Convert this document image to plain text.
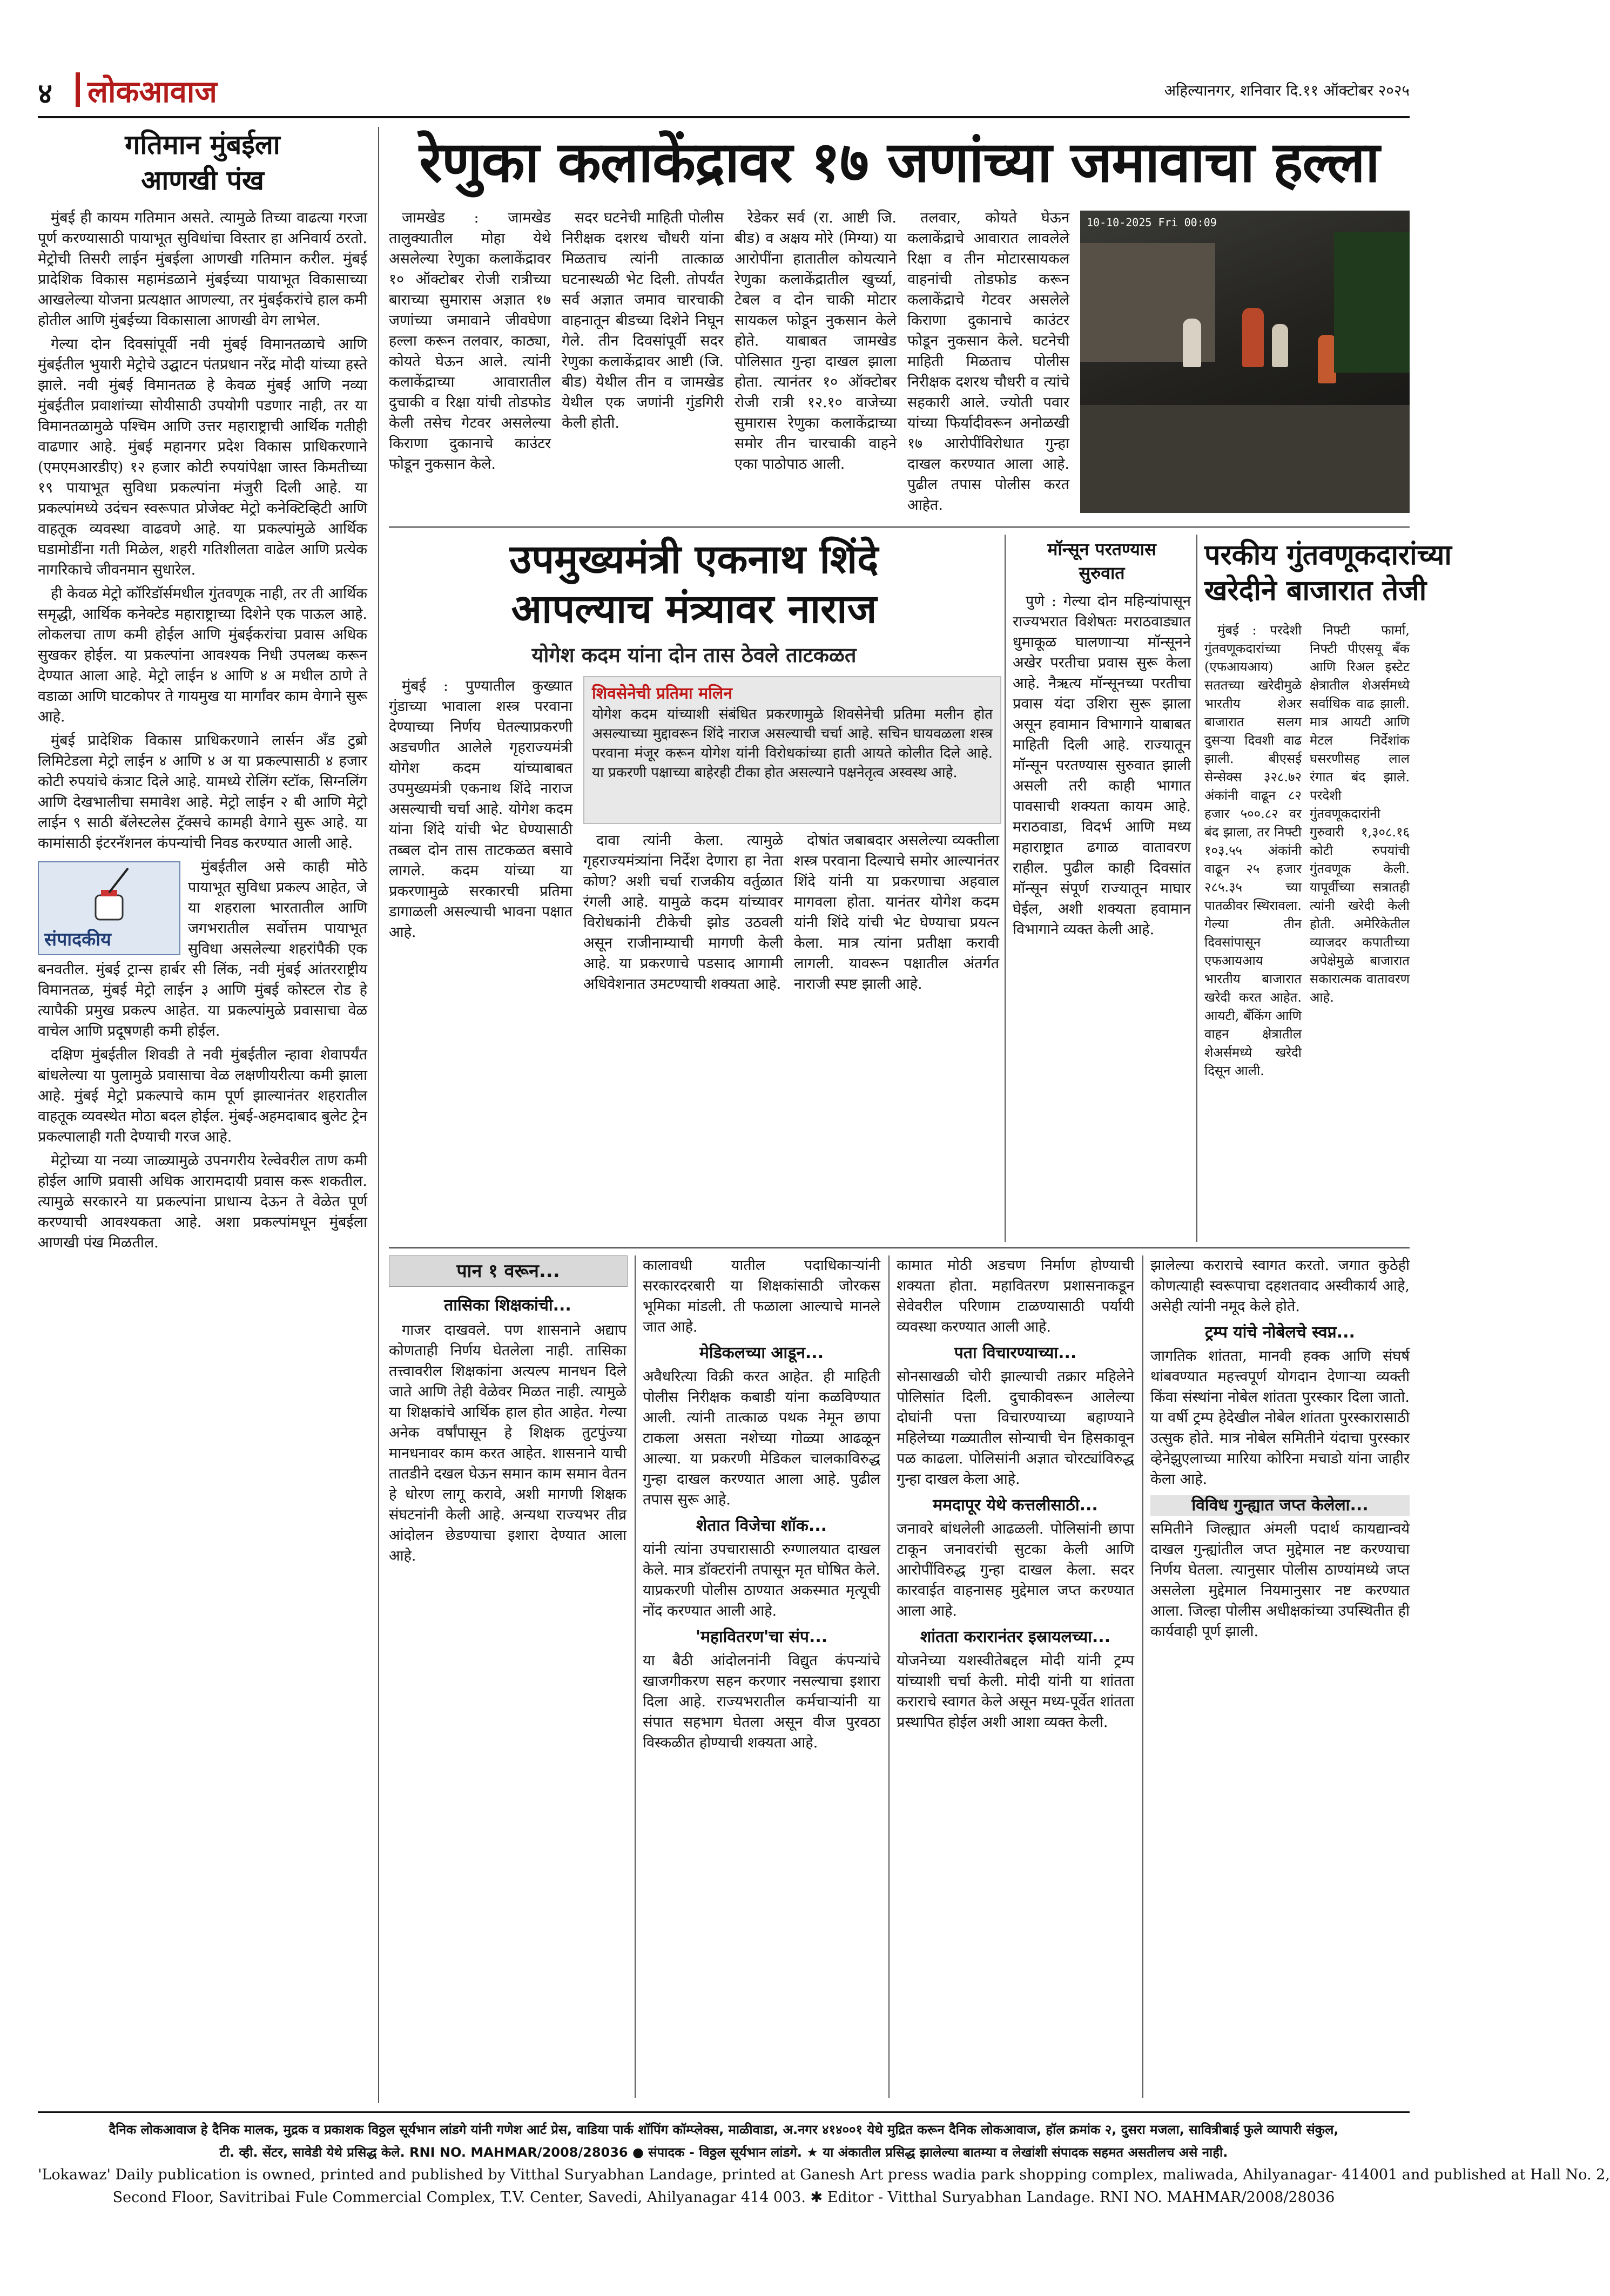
४ लोकआवाज	अहिल्यानगर, शनिवार दि.११ ऑक्टोबर २०२५
गतिमान मुंबईला
आणखी पंख

मुंबई ही कायम गतिमान असते. त्यामुळे तिच्या वाढत्या गरजा पूर्ण करण्यासाठी पायाभूत सुविधांचा विस्तार हा अनिवार्य ठरतो. मेट्रोची तिसरी लाईन मुंबईला आणखी गतिमान करील. मुंबई प्रादेशिक विकास महामंडळाने मुंबईच्या पायाभूत विकासाच्या आखलेल्या योजना प्रत्यक्षात आणल्या, तर मुंबईकरांचे हाल कमी होतील आणि मुंबईच्या विकासाला आणखी वेग लाभेल.

गेल्या दोन दिवसांपूर्वी नवी मुंबई विमानतळाचे आणि मुंबईतील भुयारी मेट्रोचे उद्घाटन पंतप्रधान नरेंद्र मोदी यांच्या हस्ते झाले. नवी मुंबई विमानतळ हे केवळ मुंबई आणि नव्या मुंबईतील प्रवाशांच्या सोयीसाठी उपयोगी पडणार नाही, तर या विमानतळामुळे पश्चिम आणि उत्तर महाराष्ट्राची आर्थिक गतीही वाढणार आहे. मुंबई महानगर प्रदेश विकास प्राधिकरणाने (एमएमआरडीए) १२ हजार कोटी रुपयांपेक्षा जास्त किमतीच्या १९ पायाभूत सुविधा प्रकल्पांना मंजुरी दिली आहे. या प्रकल्पांमध्ये उदंचन स्वरूपात प्रोजेक्ट मेट्रो कनेक्टिव्हिटी आणि वाहतूक व्यवस्था वाढवणे आहे. या प्रकल्पांमुळे आर्थिक घडामोडींना गती मिळेल, शहरी गतिशीलता वाढेल आणि प्रत्येक नागरिकाचे जीवनमान सुधारेल.

ही केवळ मेट्रो कॉरिडॉर्समधील गुंतवणूक नाही, तर ती आर्थिक समृद्धी, आर्थिक कनेक्टेड महाराष्ट्राच्या दिशेने एक पाऊल आहे. लोकलचा ताण कमी होईल आणि मुंबईकरांचा प्रवास अधिक सुखकर होईल. या प्रकल्पांना आवश्यक निधी उपलब्ध करून देण्यात आला आहे. मेट्रो लाईन ४ आणि ४ अ मधील ठाणे ते वडाळा आणि घाटकोपर ते गायमुख या मार्गांवर काम वेगाने सुरू आहे.

मुंबई प्रादेशिक विकास प्राधिकरणाने लार्सन अँड टुब्रो लिमिटेडला मेट्रो लाईन ४ आणि ४ अ या प्रकल्पासाठी ४ हजार कोटी रुपयांचे कंत्राट दिले आहे. यामध्ये रोलिंग स्टॉक, सिग्नलिंग आणि देखभालीचा समावेश आहे. मेट्रो लाईन २ बी आणि मेट्रो लाईन ९ साठी बॅलेस्टलेस ट्रॅक्सचे कामही वेगाने सुरू आहे. या कामांसाठी इंटरनॅशनल कंपन्यांची निवड करण्यात आली आहे.

संपादकीय

मुंबईतील असे काही मोठे पायाभूत सुविधा प्रकल्प आहेत, जे या शहराला भारतातील आणि जगभरातील सर्वोत्तम पायाभूत सुविधा असलेल्या शहरांपैकी एक बनवतील. मुंबई ट्रान्स हार्बर सी लिंक, नवी मुंबई आंतरराष्ट्रीय विमानतळ, मुंबई मेट्रो लाईन ३ आणि मुंबई कोस्टल रोड हे त्यापैकी प्रमुख प्रकल्प आहेत. या प्रकल्पांमुळे प्रवासाचा वेळ वाचेल आणि प्रदूषणही कमी होईल.

दक्षिण मुंबईतील शिवडी ते नवी मुंबईतील न्हावा शेवापर्यंत बांधलेल्या या पुलामुळे प्रवासाचा वेळ लक्षणीयरीत्या कमी झाला आहे. मुंबई मेट्रो प्रकल्पाचे काम पूर्ण झाल्यानंतर शहरातील वाहतूक व्यवस्थेत मोठा बदल होईल. मुंबई-अहमदाबाद बुलेट ट्रेन प्रकल्पालाही गती देण्याची गरज आहे.

मेट्रोच्या या नव्या जाळ्यामुळे उपनगरीय रेल्वेवरील ताण कमी होईल आणि प्रवासी अधिक आरामदायी प्रवास करू शकतील. त्यामुळे सरकारने या प्रकल्पांना प्राधान्य देऊन ते वेळेत पूर्ण करण्याची आवश्यकता आहे. अशा प्रकल्पांमधून मुंबईला आणखी पंख मिळतील.

रेणुका कलाकेंद्रावर १७ जणांच्या जमावाचा हल्ला

जामखेड : जामखेड तालुक्यातील मोहा येथे असलेल्या रेणुका कलाकेंद्रावर १० ऑक्टोबर रोजी रात्रीच्या बाराच्या सुमारास अज्ञात १७ जणांच्या जमावाने जीवघेणा हल्ला करून तलवार, काठ्या, कोयते घेऊन आले. त्यांनी कलाकेंद्राच्या आवारातील दुचाकी व रिक्षा यांची तोडफोड केली तसेच गेटवर असलेल्या किराणा दुकानाचे काउंटर फोडून नुकसान केले.

सदर घटनेची माहिती पोलीस निरीक्षक दशरथ चौधरी यांना मिळताच त्यांनी तात्काळ घटनास्थळी भेट दिली. तोपर्यंत सर्व अज्ञात जमाव चारचाकी वाहनातून बीडच्या दिशेने निघून गेले. तीन दिवसांपूर्वी सदर रेणुका कलाकेंद्रावर आष्टी (जि. बीड) येथील तीन व जामखेड येथील एक जणांनी गुंडगिरी केली होती.

रेडेकर सर्व (रा. आष्टी जि. बीड) व अक्षय मोरे (मिग्या) या आरोपींना हातातील कोयत्याने रेणुका कलाकेंद्रातील खुर्च्या, टेबल व दोन चाकी मोटार सायकल फोडून नुकसान केले होते. याबाबत जामखेड पोलिसात गुन्हा दाखल झाला होता. त्यानंतर १० ऑक्टोबर रोजी रात्री १२.१० वाजेच्या सुमारास रेणुका कलाकेंद्राच्या समोर तीन चारचाकी वाहने एका पाठोपाठ आली.

तलवार, कोयते घेऊन कलाकेंद्राचे आवारात लावलेले रिक्षा व तीन मोटारसायकल वाहनांची तोडफोड करून कलाकेंद्राचे गेटवर असलेले किराणा दुकानाचे काउंटर फोडून नुकसान केले. घटनेची माहिती मिळताच पोलीस निरीक्षक दशरथ चौधरी व त्यांचे सहकारी आले. ज्योती पवार यांच्या फिर्यादीवरून अनोळखी १७ आरोपींविरोधात गुन्हा दाखल करण्यात आला आहे. पुढील तपास पोलीस करत आहेत.

10-10-2025 Fri 00:09
उपमुख्यमंत्री एकनाथ शिंदे
आपल्याच मंत्र्यावर नाराज
योगेश कदम यांना दोन तास ठेवले ताटकळत

मुंबई : पुण्यातील कुख्यात गुंडाच्या भावाला शस्त्र परवाना देण्याच्या निर्णय घेतल्याप्रकरणी अडचणीत आलेले गृहराज्यमंत्री योगेश कदम यांच्याबाबत उपमुख्यमंत्री एकनाथ शिंदे नाराज असल्याची चर्चा आहे. योगेश कदम यांना शिंदे यांची भेट घेण्यासाठी तब्बल दोन तास ताटकळत बसावे लागले. कदम यांच्या या प्रकरणामुळे सरकारची प्रतिमा डागाळली असल्याची भावना पक्षात आहे.

शिवसेनेची प्रतिमा मलिन
योगेश कदम यांच्याशी संबंधित प्रकरणामुळे शिवसेनेची प्रतिमा मलीन होत असल्याच्या मुद्दावरून शिंदे नाराज असल्याची चर्चा आहे. सचिन घायवळला शस्त्र परवाना मंजूर करून योगेश यांनी विरोधकांच्या हाती आयते कोलीत दिले आहे. या प्रकरणी पक्षाच्या बाहेरही टीका होत असल्याने पक्षनेतृत्व अस्वस्थ आहे.

दावा त्यांनी केला. त्यामुळे गृहराज्यमंत्र्यांना निर्देश देणारा हा नेता कोण? अशी चर्चा राजकीय वर्तुळात रंगली आहे. यामुळे कदम यांच्यावर विरोधकांनी टीकेची झोड उठवली असून राजीनाम्याची मागणी केली आहे. या प्रकरणाचे पडसाद आगामी अधिवेशनात उमटण्याची शक्यता आहे.

दोषांत जबाबदार असलेल्या व्यक्तीला शस्त्र परवाना दिल्याचे समोर आल्यानंतर शिंदे यांनी या प्रकरणाचा अहवाल मागवला होता. यानंतर योगेश कदम यांनी शिंदे यांची भेट घेण्याचा प्रयत्न केला. मात्र त्यांना प्रतीक्षा करावी लागली. यावरून पक्षातील अंतर्गत नाराजी स्पष्ट झाली आहे.

मॉन्सून परतण्यास
सुरुवात

पुणे : गेल्या दोन महिन्यांपासून राज्यभरात विशेषतः मराठवाड्यात धुमाकूळ घालणाऱ्या मॉन्सूनने अखेर परतीचा प्रवास सुरू केला आहे. नैऋत्य मॉन्सूनच्या परतीचा प्रवास यंदा उशिरा सुरू झाला असून हवामान विभागाने याबाबत माहिती दिली आहे. राज्यातून मॉन्सून परतण्यास सुरुवात झाली असली तरी काही भागात पावसाची शक्यता कायम आहे. मराठवाडा, विदर्भ आणि मध्य महाराष्ट्रात ढगाळ वातावरण राहील. पुढील काही दिवसांत मॉन्सून संपूर्ण राज्यातून माघार घेईल, अशी शक्यता हवामान विभागाने व्यक्त केली आहे.

परकीय गुंतवणूकदारांच्या
खरेदीने बाजारात तेजी

मुंबई : परदेशी गुंतवणूकदारांच्या (एफआयआय) सततच्या खरेदीमुळे भारतीय शेअर बाजारात सलग दुसऱ्या दिवशी वाढ झाली. बीएसई सेन्सेक्स ३२८.७२ अंकांनी वाढून ८२ हजार ५००.८२ वर बंद झाला, तर निफ्टी १०३.५५ अंकांनी वाढून २५ हजार २८५.३५ च्या पातळीवर स्थिरावला. गेल्या तीन दिवसांपासून एफआयआय भारतीय बाजारात खरेदी करत आहेत. आयटी, बँकिंग आणि वाहन क्षेत्रातील शेअर्समध्ये खरेदी दिसून आली.

निफ्टी फार्मा, निफ्टी पीएसयू बँक आणि रिअल इस्टेट क्षेत्रातील शेअर्समध्ये सर्वाधिक वाढ झाली. मात्र आयटी आणि मेटल निर्देशांक घसरणीसह लाल रंगात बंद झाले. परदेशी गुंतवणूकदारांनी गुरुवारी १,३०८.१६ कोटी रुपयांची गुंतवणूक केली. यापूर्वीच्या सत्रातही त्यांनी खरेदी केली होती. अमेरिकेतील व्याजदर कपातीच्या अपेक्षेमुळे बाजारात सकारात्मक वातावरण आहे.

पान १ वरून...
तासिका शिक्षकांची...

गाजर दाखवले. पण शासनाने अद्याप कोणताही निर्णय घेतलेला नाही. तासिका तत्त्वावरील शिक्षकांना अत्यल्प मानधन दिले जाते आणि तेही वेळेवर मिळत नाही. त्यामुळे या शिक्षकांचे आर्थिक हाल होत आहेत. गेल्या अनेक वर्षांपासून हे शिक्षक तुटपुंज्या मानधनावर काम करत आहेत. शासनाने याची तातडीने दखल घेऊन समान काम समान वेतन हे धोरण लागू करावे, अशी मागणी शिक्षक संघटनांनी केली आहे. अन्यथा राज्यभर तीव्र आंदोलन छेडण्याचा इशारा देण्यात आला आहे.

कालावधी यातील पदाधिकाऱ्यांनी सरकारदरबारी या शिक्षकांसाठी जोरकस भूमिका मांडली. ती फळाला आल्याचे मानले जात आहे.

मेडिकलच्या आडून...

अवैधरित्या विक्री करत आहेत. ही माहिती पोलीस निरीक्षक कबाडी यांना कळविण्यात आली. त्यांनी तात्काळ पथक नेमून छापा टाकला असता नशेच्या गोळ्या आढळून आल्या. या प्रकरणी मेडिकल चालकाविरुद्ध गुन्हा दाखल करण्यात आला आहे. पुढील तपास सुरू आहे.

शेतात विजेचा शॉक...

यांनी त्यांना उपचारासाठी रुग्णालयात दाखल केले. मात्र डॉक्टरांनी तपासून मृत घोषित केले. याप्रकरणी पोलीस ठाण्यात अकस्मात मृत्यूची नोंद करण्यात आली आहे.

'महावितरण'चा संप...

या बैठी आंदोलनांनी विद्युत कंपन्यांचे खाजगीकरण सहन करणार नसल्याचा इशारा दिला आहे. राज्यभरातील कर्मचाऱ्यांनी या संपात सहभाग घेतला असून वीज पुरवठा विस्कळीत होण्याची शक्यता आहे.

कामात मोठी अडचण निर्माण होण्याची शक्यता होता. महावितरण प्रशासनाकडून सेवेवरील परिणाम टाळण्यासाठी पर्यायी व्यवस्था करण्यात आली आहे.

पता विचारण्याच्या...

सोनसाखळी चोरी झाल्याची तक्रार महिलेने पोलिसांत दिली. दुचाकीवरून आलेल्या दोघांनी पत्ता विचारण्याच्या बहाण्याने महिलेच्या गळ्यातील सोन्याची चेन हिसकावून पळ काढला. पोलिसांनी अज्ञात चोरट्यांविरुद्ध गुन्हा दाखल केला आहे.

ममदापूर येथे कत्तलीसाठी...

जनावरे बांधलेली आढळली. पोलिसांनी छापा टाकून जनावरांची सुटका केली आणि आरोपींविरुद्ध गुन्हा दाखल केला. सदर कारवाईत वाहनासह मुद्देमाल जप्त करण्यात आला आहे.

शांतता करारानंतर इस्रायलच्या...

योजनेच्या यशस्वीतेबद्दल मोदी यांनी ट्रम्प यांच्याशी चर्चा केली. मोदी यांनी या शांतता कराराचे स्वागत केले असून मध्य-पूर्वेत शांतता प्रस्थापित होईल अशी आशा व्यक्त केली.

झालेल्या कराराचे स्वागत करतो. जगात कुठेही कोणत्याही स्वरूपाचा दहशतवाद अस्वीकार्य आहे, असेही त्यांनी नमूद केले होते.

ट्रम्प यांचे नोबेलचे स्वप्न...

जागतिक शांतता, मानवी हक्क आणि संघर्ष थांबवण्यात महत्त्वपूर्ण योगदान देणाऱ्या व्यक्ती किंवा संस्थांना नोबेल शांतता पुरस्कार दिला जातो. या वर्षी ट्रम्प हेदेखील नोबेल शांतता पुरस्कारासाठी उत्सुक होते. मात्र नोबेल समितीने यंदाचा पुरस्कार व्हेनेझुएलाच्या मारिया कोरिना मचाडो यांना जाहीर केला आहे.

विविध गुन्ह्यात जप्त केलेला...

समितीने जिल्ह्यात अंमली पदार्थ कायद्यान्वये दाखल गुन्ह्यांतील जप्त मुद्देमाल नष्ट करण्याचा निर्णय घेतला. त्यानुसार पोलीस ठाण्यांमध्ये जप्त असलेला मुद्देमाल नियमानुसार नष्ट करण्यात आला. जिल्हा पोलीस अधीक्षकांच्या उपस्थितीत ही कार्यवाही पूर्ण झाली.

दैनिक लोकआवाज हे दैनिक मालक, मुद्रक व प्रकाशक विठ्ठल सूर्यभान लांडगे यांनी गणेश आर्ट प्रेस, वाडिया पार्क शॉपिंग कॉम्प्लेक्स, माळीवाडा, अ.नगर ४१४००१ येथे मुद्रित करून दैनिक लोकआवाज, हॉल क्रमांक २, दुसरा मजला, सावित्रीबाई फुले व्यापारी संकुल,
टी. व्ही. सेंटर, सावेडी येथे प्रसिद्ध केले. RNI NO. MAHMAR/2008/28036 ● संपादक - विठ्ठल सूर्यभान लांडगे. ★ या अंकातील प्रसिद्ध झालेल्या बातम्या व लेखांशी संपादक सहमत असतीलच असे नाही.
'Lokawaz' Daily publication is owned, printed and published by Vitthal Suryabhan Landage, printed at Ganesh Art press wadia park shopping complex, maliwada, Ahilyanagar- 414001 and published at Hall No. 2,
Second Floor, Savitribai Fule Commercial Complex, T.V. Center, Savedi, Ahilyanagar 414 003. ✱ Editor - Vitthal Suryabhan Landage. RNI NO. MAHMAR/2008/28036
